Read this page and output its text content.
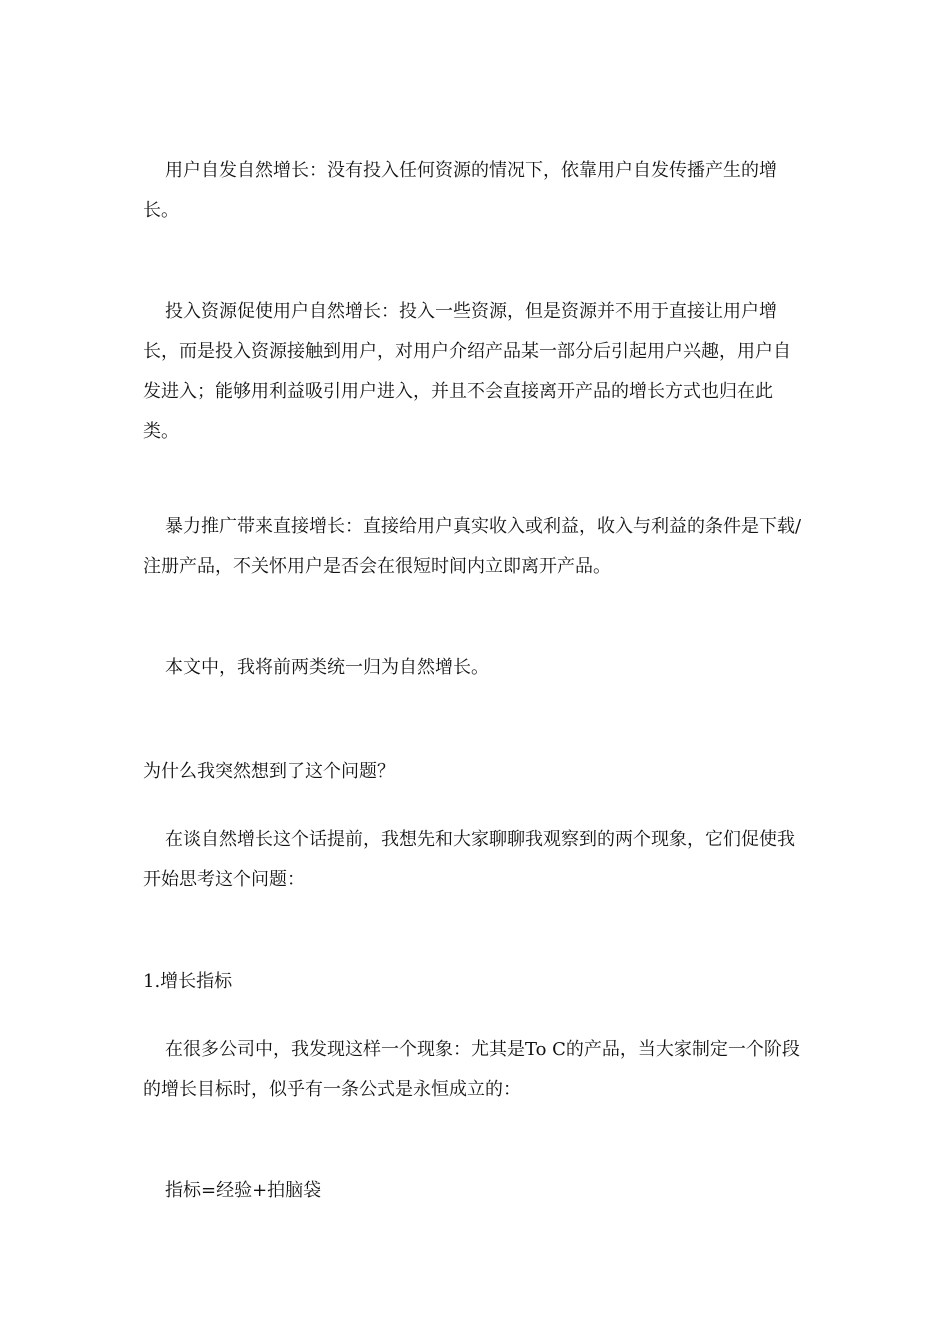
用户自发自然增长：没有投入任何资源的情况下，依靠用户自发传播产生的增长。

投入资源促使用户自然增长：投入一些资源，但是资源并不用于直接让用户增长，而是投入资源接触到用户，对用户介绍产品某一部分后引起用户兴趣，用户自发进入；能够用利益吸引用户进入，并且不会直接离开产品的增长方式也归在此类。

暴力推广带来直接增长：直接给用户真实收入或利益，收入与利益的条件是下载/注册产品，不关怀用户是否会在很短时间内立即离开产品。

本文中，我将前两类统一归为自然增长。

为什么我突然想到了这个问题？

在谈自然增长这个话提前，我想先和大家聊聊我观察到的两个现象，它们促使我开始思考这个问题：

1.增长指标

在很多公司中，我发现这样一个现象：尤其是To C的产品，当大家制定一个阶段的增长目标时，似乎有一条公式是永恒成立的：

指标=经验+拍脑袋
